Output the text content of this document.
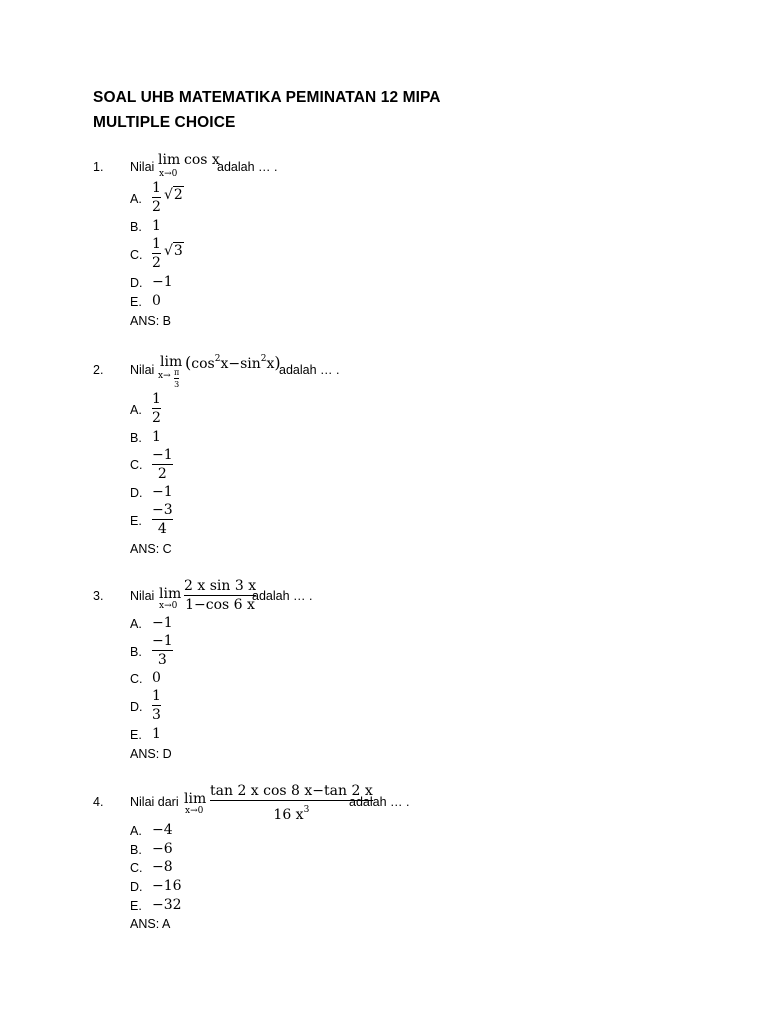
SOAL UHB MATEMATIKA PEMINATAN 12 MIPA
MULTIPLE CHOICE
1. Nilai lim
x→0
cos x
adalah … .
A.
1
2
√2
B. 1
C.
1
2
√3
D. −1
E. 0
ANS: B
2. Nilai lim
x→ π
3
$(\cos^2x-\sin^2x)$
adalah … .
A.
1
2
B. 1
C.
−1
2
D. −1
E.
−3
4
ANS: C
3. Nilai lim
x→0
2 x sin 3 x
1−cos 6 x
adalah … .
A. −1
B.
−1
3
C. 0
D.
1
3
E. 1
ANS: D
4. Nilai dari lim
x→0
tan 2 x cos 8 x−tan 2 x
16 $x^3$
adalah … .
A. −4
B. −6
C. −8
D. −16
E. −32
ANS: A
